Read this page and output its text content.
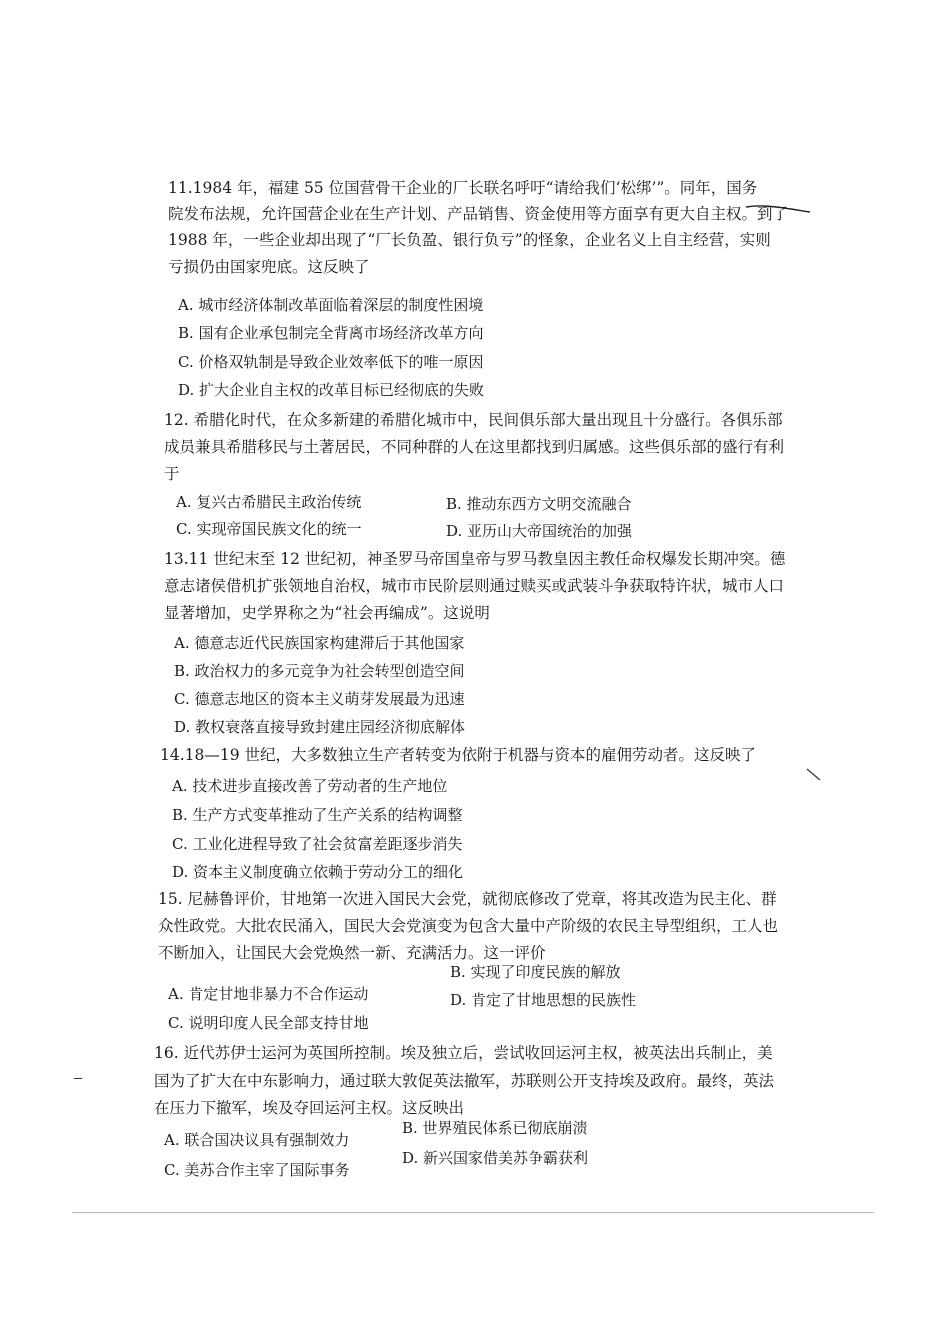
11.1984 年，福建 55 位国营骨干企业的厂长联名呼吁“请给我们‘松绑’”。同年，国务
院发布法规，允许国营企业在生产计划、产品销售、资金使用等方面享有更大自主权。到了
1988 年，一些企业却出现了“厂长负盈、银行负亏”的怪象，企业名义上自主经营，实则
亏损仍由国家兜底。这反映了
A. 城市经济体制改革面临着深层的制度性困境
B. 国有企业承包制完全背离市场经济改革方向
C. 价格双轨制是导致企业效率低下的唯一原因
D. 扩大企业自主权的改革目标已经彻底的失败
12. 希腊化时代，在众多新建的希腊化城市中，民间俱乐部大量出现且十分盛行。各俱乐部
成员兼具希腊移民与土著居民，不同种群的人在这里都找到归属感。这些俱乐部的盛行有利
于
A. 复兴古希腊民主政治传统	B. 推动东西方文明交流融合
C. 实现帝国民族文化的统一	D. 亚历山大帝国统治的加强
13.11 世纪末至 12 世纪初，神圣罗马帝国皇帝与罗马教皇因主教任命权爆发长期冲突。德
意志诸侯借机扩张领地自治权，城市市民阶层则通过赎买或武装斗争获取特许状，城市人口
显著增加，史学界称之为“社会再编成”。这说明
A. 德意志近代民族国家构建滞后于其他国家
B. 政治权力的多元竞争为社会转型创造空间
C. 德意志地区的资本主义萌芽发展最为迅速
D. 教权衰落直接导致封建庄园经济彻底解体
14.18—19 世纪，大多数独立生产者转变为依附于机器与资本的雇佣劳动者。这反映了
A. 技术进步直接改善了劳动者的生产地位
B. 生产方式变革推动了生产关系的结构调整
C. 工业化进程导致了社会贫富差距逐步消失
D. 资本主义制度确立依赖于劳动分工的细化
15. 尼赫鲁评价，甘地第一次进入国民大会党，就彻底修改了党章，将其改造为民主化、群
众性政党。大批农民涌入，国民大会党演变为包含大量中产阶级的农民主导型组织，工人也
不断加入，让国民大会党焕然一新、充满活力。这一评价
A. 肯定甘地非暴力不合作运动
B. 实现了印度民族的解放
C. 说明印度人民全部支持甘地
D. 肯定了甘地思想的民族性
16. 近代苏伊士运河为英国所控制。埃及独立后，尝试收回运河主权，被英法出兵制止，美
国为了扩大在中东影响力，通过联大敦促英法撤军，苏联则公开支持埃及政府。最终，英法
在压力下撤军，埃及夺回运河主权。这反映出
A. 联合国决议具有强制效力
B. 世界殖民体系已彻底崩溃
C. 美苏合作主宰了国际事务
D. 新兴国家借美苏争霸获利
